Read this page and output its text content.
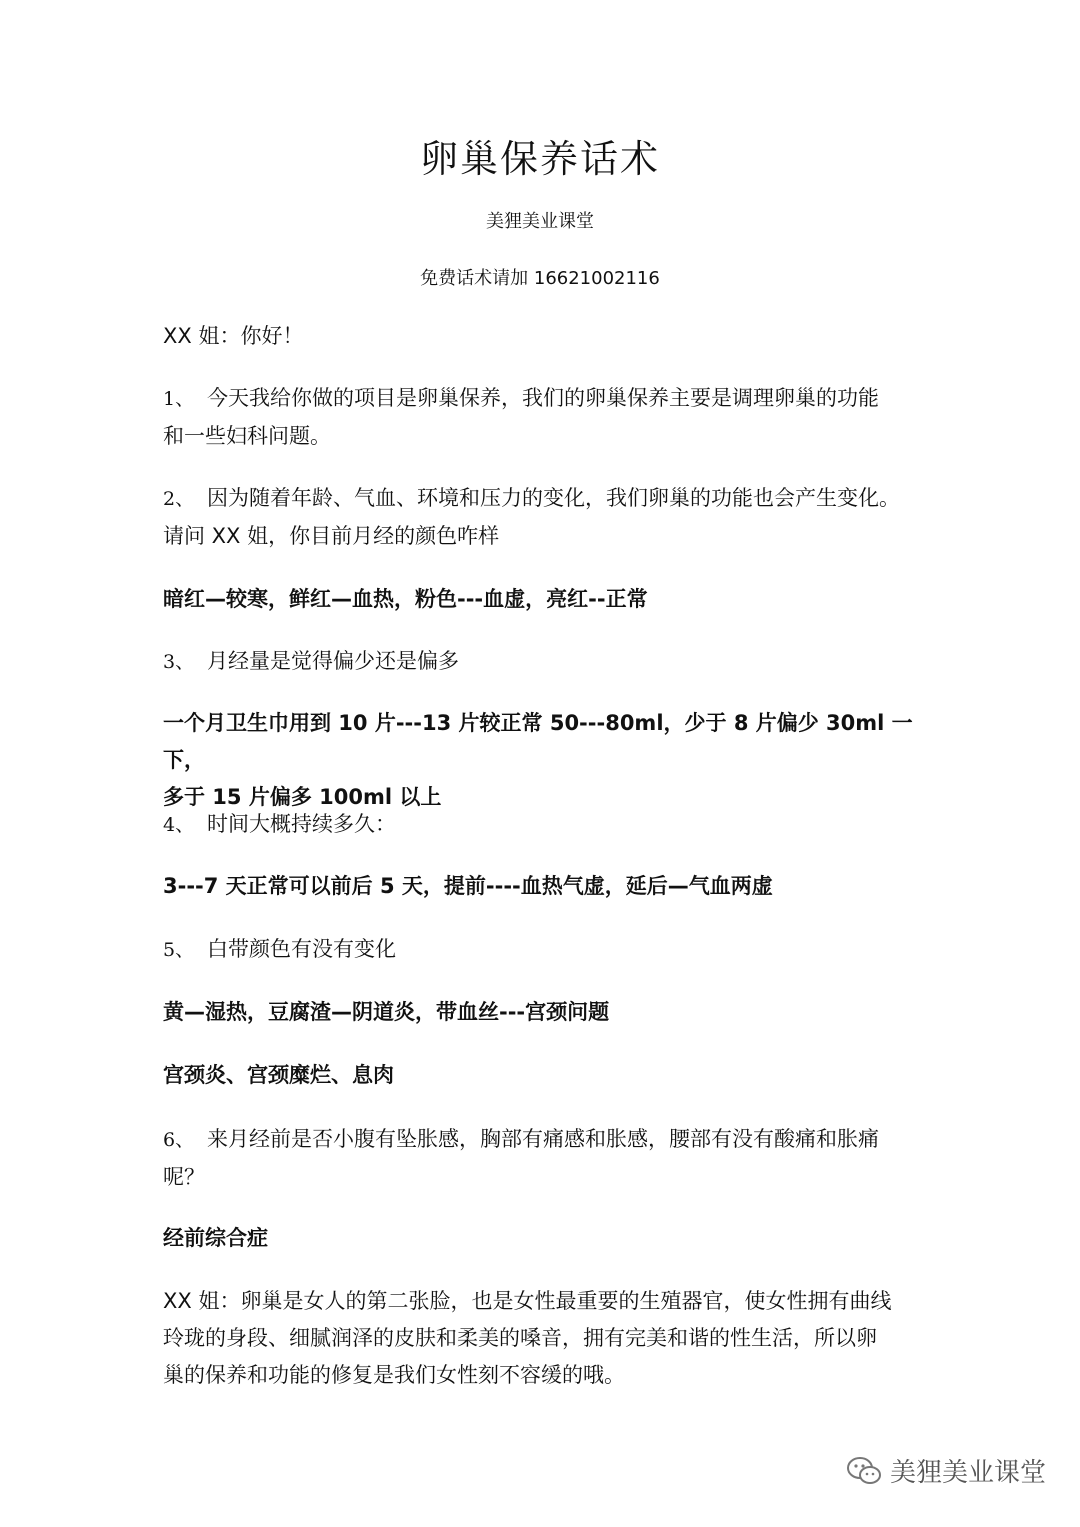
卵巢保养话术
美狸美业课堂
免费话术请加 16621002116
XX 姐：你好！
1、 今天我给你做的项目是卵巢保养，我们的卵巢保养主要是调理卵巢的功能
和一些妇科问题。
2、 因为随着年龄、气血、环境和压力的变化，我们卵巢的功能也会产生变化。
请问 XX 姐，你目前月经的颜色咋样
暗红—较寒，鲜红—血热，粉色---血虚，亮红--正常
3、 月经量是觉得偏少还是偏多
一个月卫生巾用到 10 片---13 片较正常 50---80ml，少于 8 片偏少 30ml 一下，
多于 15 片偏多 100ml 以上
4、 时间大概持续多久：
3---7 天正常可以前后 5 天，提前----血热气虚，延后—气血两虚
5、 白带颜色有没有变化
黄—湿热，豆腐渣—阴道炎，带血丝---宫颈问题
宫颈炎、宫颈糜烂、息肉
6、 来月经前是否小腹有坠胀感，胸部有痛感和胀感，腰部有没有酸痛和胀痛
呢？
经前综合症
XX 姐：卵巢是女人的第二张脸，也是女性最重要的生殖器官，使女性拥有曲线
玲珑的身段、细腻润泽的皮肤和柔美的嗓音，拥有完美和谐的性生活，所以卵
巢的保养和功能的修复是我们女性刻不容缓的哦。
美狸美业课堂
